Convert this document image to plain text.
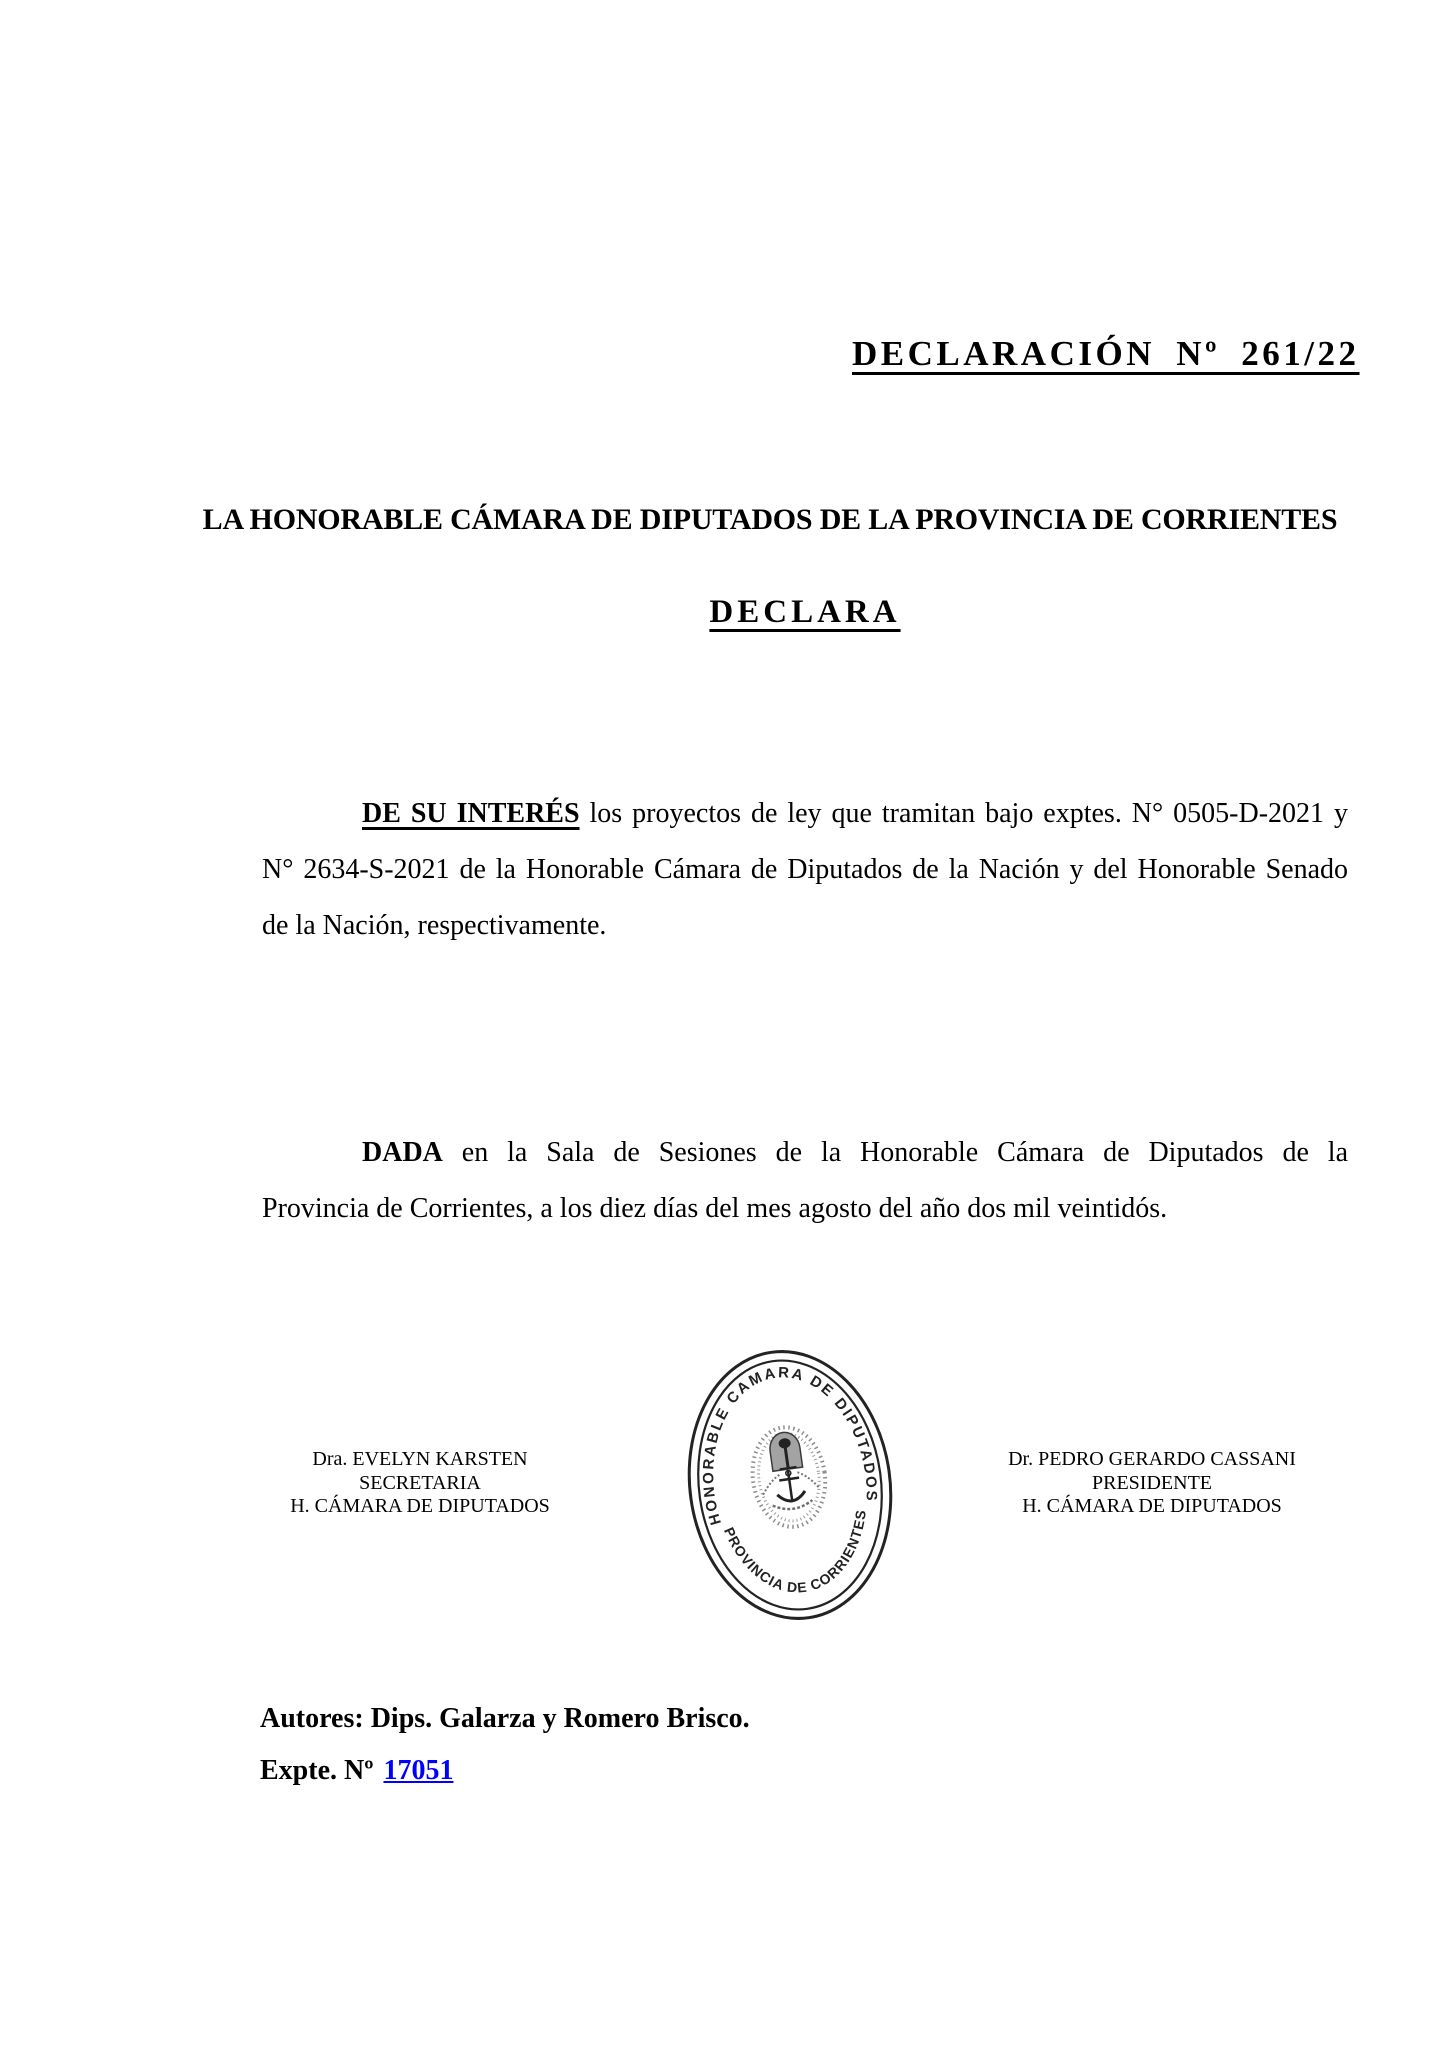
DECLARACIÓN Nº 261/22
LA HONORABLE CÁMARA DE DIPUTADOS DE LA PROVINCIA DE CORRIENTES
DECLARA
DE SU INTERÉS los proyectos de ley que tramitan bajo exptes. N° 0505-D-2021 y
N° 2634-S-2021 de la Honorable Cámara de Diputados de la Nación y del Honorable Senado
de la Nación, respectivamente.
DADA en la Sala de Sesiones de la Honorable Cámara de Diputados de la
Provincia de Corrientes, a los diez días del mes agosto del año dos mil veintidós.
Dra. EVELYN KARSTEN
SECRETARIA
H. CÁMARA DE DIPUTADOS
HONORABLE CAMARA DE DIPUTADOS
PROVINCIA DE CORRIENTES
Dr. PEDRO GERARDO CASSANI
PRESIDENTE
H. CÁMARA DE DIPUTADOS
Autores: Dips. Galarza y Romero Brisco.
Expte. Nº 17051
